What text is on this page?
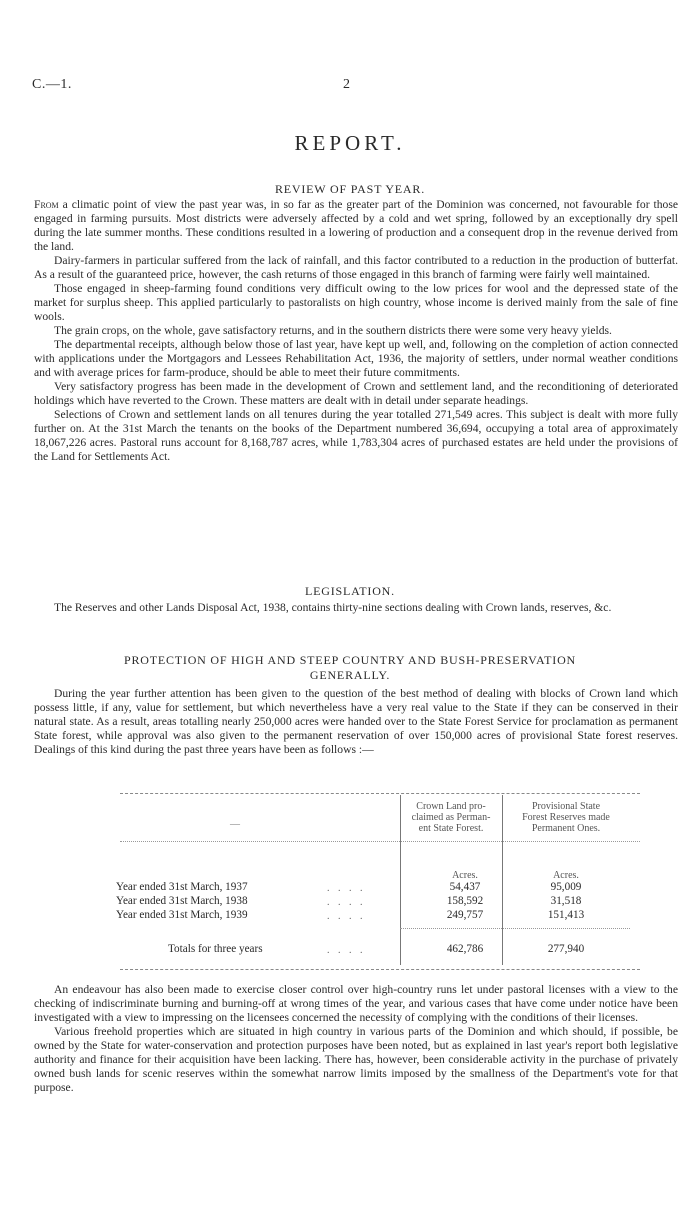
C.—1.	2
REPORT.
REVIEW OF PAST YEAR.

From a climatic point of view the past year was, in so far as the greater part of the Dominion was concerned, not favourable for those engaged in farming pursuits. Most districts were adversely affected by a cold and wet spring, followed by an exceptionally dry spell during the late summer months. These conditions resulted in a lowering of production and a consequent drop in the revenue derived from the land.

Dairy-farmers in particular suffered from the lack of rainfall, and this factor contributed to a reduction in the production of butterfat. As a result of the guaranteed price, however, the cash returns of those engaged in this branch of farming were fairly well maintained.

Those engaged in sheep-farming found conditions very difficult owing to the low prices for wool and the depressed state of the market for surplus sheep. This applied particularly to pastoralists on high country, whose income is derived mainly from the sale of fine wools.

The grain crops, on the whole, gave satisfactory returns, and in the southern districts there were some very heavy yields.

The departmental receipts, although below those of last year, have kept up well, and, following on the completion of action connected with applications under the Mortgagors and Lessees Rehabilitation Act, 1936, the majority of settlers, under normal weather conditions and with average prices for farm-produce, should be able to meet their future commitments.

Very satisfactory progress has been made in the development of Crown and settlement land, and the reconditioning of deteriorated holdings which have reverted to the Crown. These matters are dealt with in detail under separate headings.

Selections of Crown and settlement lands on all tenures during the year totalled 271,549 acres. This subject is dealt with more fully further on. At the 31st March the tenants on the books of the Department numbered 36,694, occupying a total area of approximately 18,067,226 acres. Pastoral runs account for 8,168,787 acres, while 1,783,304 acres of purchased estates are held under the provisions of the Land for Settlements Act.

LEGISLATION.

The Reserves and other Lands Disposal Act, 1938, contains thirty-nine sections dealing with Crown lands, reserves, &c.

PROTECTION OF HIGH AND STEEP COUNTRY AND BUSH-PRESERVATION
GENERALLY.

During the year further attention has been given to the question of the best method of dealing with blocks of Crown land which possess little, if any, value for settlement, but which nevertheless have a very real value to the State if they can be conserved in their natural state. As a result, areas totalling nearly 250,000 acres were handed over to the State Forest Service for proclamation as permanent State forest, while approval was also given to the permanent reservation of over 150,000 acres of provisional State forest reserves. Dealings of this kind during the past three years have been as follows :—

—
Crown Land pro-
claimed as Perman-
ent State Forest.
Provisional State
Forest Reserves made
Permanent Ones.
Acres.	Acres.
Year ended 31st March, 1937	. . . .	54,437	95,009
Year ended 31st March, 1938	. . . .	158,592	31,518
Year ended 31st March, 1939	. . . .	249,757	151,413
Totals for three years	. . . .	462,786	277,940

An endeavour has also been made to exercise closer control over high-country runs let under pastoral licenses with a view to the checking of indiscriminate burning and burning-off at wrong times of the year, and various cases that have come under notice have been investigated with a view to impressing on the licensees concerned the necessity of complying with the conditions of their licenses.

Various freehold properties which are situated in high country in various parts of the Dominion and which should, if possible, be owned by the State for water-conservation and protection purposes have been noted, but as explained in last year's report both legislative authority and finance for their acquisition have been lacking. There has, however, been considerable activity in the purchase of privately owned bush lands for scenic reserves within the somewhat narrow limits imposed by the smallness of the Department's vote for that purpose.
